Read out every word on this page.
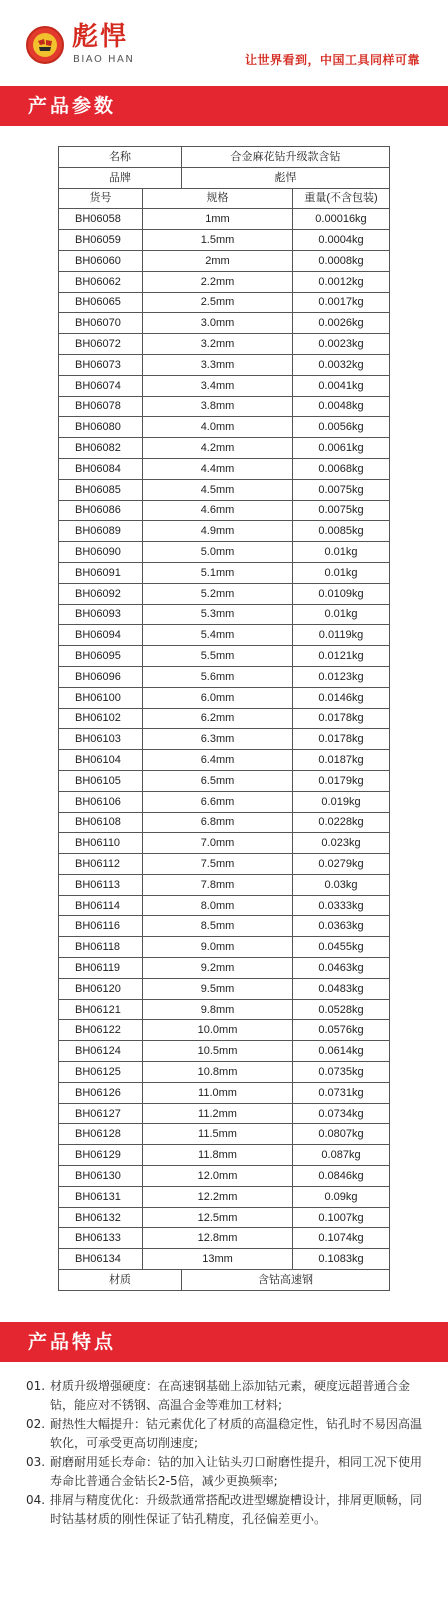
彪悍
BIAO HAN	让世界看到，中国工具同样可靠
产品参数
名称		合金麻花钻升级款含钻	
品牌		彪悍	
货号	规格		重量(不含包装)
BH06058	1mm		0.00016kg
BH06059	1.5mm		0.0004kg
BH06060	2mm		0.0008kg
BH06062	2.2mm		0.0012kg
BH06065	2.5mm		0.0017kg
BH06070	3.0mm		0.0026kg
BH06072	3.2mm		0.0023kg
BH06073	3.3mm		0.0032kg
BH06074	3.4mm		0.0041kg
BH06078	3.8mm		0.0048kg
BH06080	4.0mm		0.0056kg
BH06082	4.2mm		0.0061kg
BH06084	4.4mm		0.0068kg
BH06085	4.5mm		0.0075kg
BH06086	4.6mm		0.0075kg
BH06089	4.9mm		0.0085kg
BH06090	5.0mm		0.01kg
BH06091	5.1mm		0.01kg
BH06092	5.2mm		0.0109kg
BH06093	5.3mm		0.01kg
BH06094	5.4mm		0.0119kg
BH06095	5.5mm		0.0121kg
BH06096	5.6mm		0.0123kg
BH06100	6.0mm		0.0146kg
BH06102	6.2mm		0.0178kg
BH06103	6.3mm		0.0178kg
BH06104	6.4mm		0.0187kg
BH06105	6.5mm		0.0179kg
BH06106	6.6mm		0.019kg
BH06108	6.8mm		0.0228kg
BH06110	7.0mm		0.023kg
BH06112	7.5mm		0.0279kg
BH06113	7.8mm		0.03kg
BH06114	8.0mm		0.0333kg
BH06116	8.5mm		0.0363kg
BH06118	9.0mm		0.0455kg
BH06119	9.2mm		0.0463kg
BH06120	9.5mm		0.0483kg
BH06121	9.8mm		0.0528kg
BH06122	10.0mm		0.0576kg
BH06124	10.5mm		0.0614kg
BH06125	10.8mm		0.0735kg
BH06126	11.0mm		0.0731kg
BH06127	11.2mm		0.0734kg
BH06128	11.5mm		0.0807kg
BH06129	11.8mm		0.087kg
BH06130	12.0mm		0.0846kg
BH06131	12.2mm		0.09kg
BH06132	12.5mm		0.1007kg
BH06133	12.8mm		0.1074kg
BH06134	13mm		0.1083kg
材质		含钴高速钢	
产品特点
01. 材质升级增强硬度：在高速钢基础上添加钴元素，硬度远超普通合金钻，能应对不锈钢、高温合金等难加工材料;
02. 耐热性大幅提升：钴元素优化了材质的高温稳定性，钻孔时不易因高温软化，可承受更高切削速度;
03. 耐磨耐用延长寿命：钴的加入让钻头刃口耐磨性提升，相同工况下使用寿命比普通合金钻长2-5倍，减少更换频率;
04. 排屑与精度优化：升级款通常搭配改进型螺旋槽设计，排屑更顺畅，同时钴基材质的刚性保证了钻孔精度，孔径偏差更小。
